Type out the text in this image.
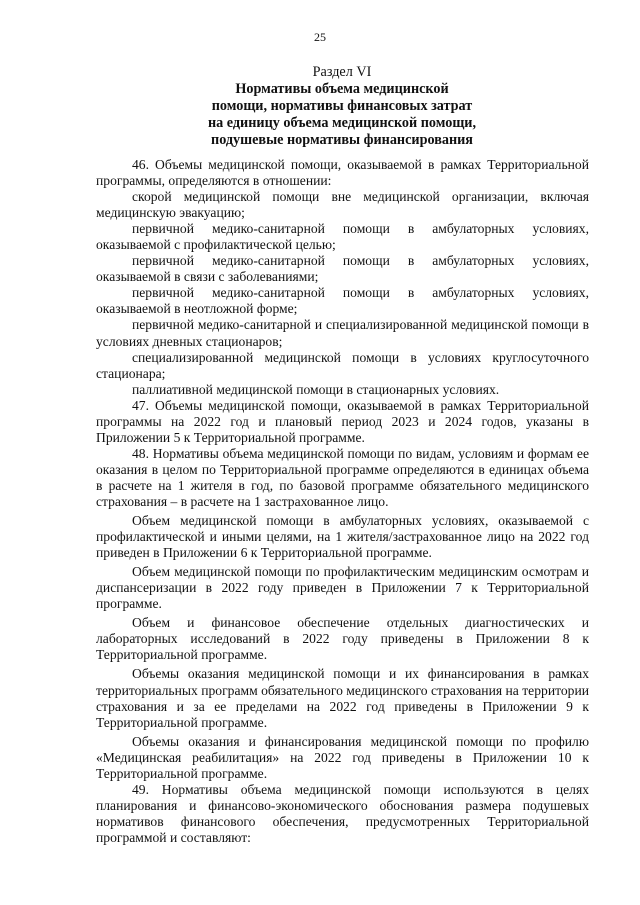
25
Раздел VI
Нормативы объема медицинской
помощи, нормативы финансовых затрат
на единицу объема медицинской помощи,
подушевые нормативы финансирования

46. Объемы медицинской помощи, оказываемой в рамках Территориальной программы, определяются в отношении:

скорой медицинской помощи вне медицинской организации, включая медицинскую эвакуацию;

первичной медико-санитарной помощи в амбулаторных условиях, оказываемой с профилактической целью;

первичной медико-санитарной помощи в амбулаторных условиях, оказываемой в связи с заболеваниями;

первичной медико-санитарной помощи в амбулаторных условиях, оказываемой в неотложной форме;

первичной медико-санитарной и специализированной медицинской помощи в условиях дневных стационаров;

специализированной медицинской помощи в условиях круглосуточного стационара;

паллиативной медицинской помощи в стационарных условиях.

47. Объемы медицинской помощи, оказываемой в рамках Территориальной программы на 2022 год и плановый период 2023 и 2024 годов, указаны в Приложении 5 к Территориальной программе.

48. Нормативы объема медицинской помощи по видам, условиям и формам ее оказания в целом по Территориальной программе определяются в единицах объема в расчете на 1 жителя в год, по базовой программе обязательного медицинского страхования – в расчете на 1 застрахованное лицо.

Объем медицинской помощи в амбулаторных условиях, оказываемой с профилактической и иными целями, на 1 жителя/застрахованное лицо на 2022 год приведен в Приложении 6 к Территориальной программе.

Объем медицинской помощи по профилактическим медицинским осмотрам и диспансеризации в 2022 году приведен в Приложении 7 к Территориальной программе.

Объем и финансовое обеспечение отдельных диагностических и лабораторных исследований в 2022 году приведены в Приложении 8 к Территориальной программе.

Объемы оказания медицинской помощи и их финансирования в рамках территориальных программ обязательного медицинского страхования на территории страхования и за ее пределами на 2022 год приведены в Приложении 9 к Территориальной программе.

Объемы оказания и финансирования медицинской помощи по профилю «Медицинская реабилитация» на 2022 год приведены в Приложении 10 к Территориальной программе.

49. Нормативы объема медицинской помощи используются в целях планирования и финансово-экономического обоснования размера подушевых нормативов финансового обеспечения, предусмотренных Территориальной программой и составляют:
